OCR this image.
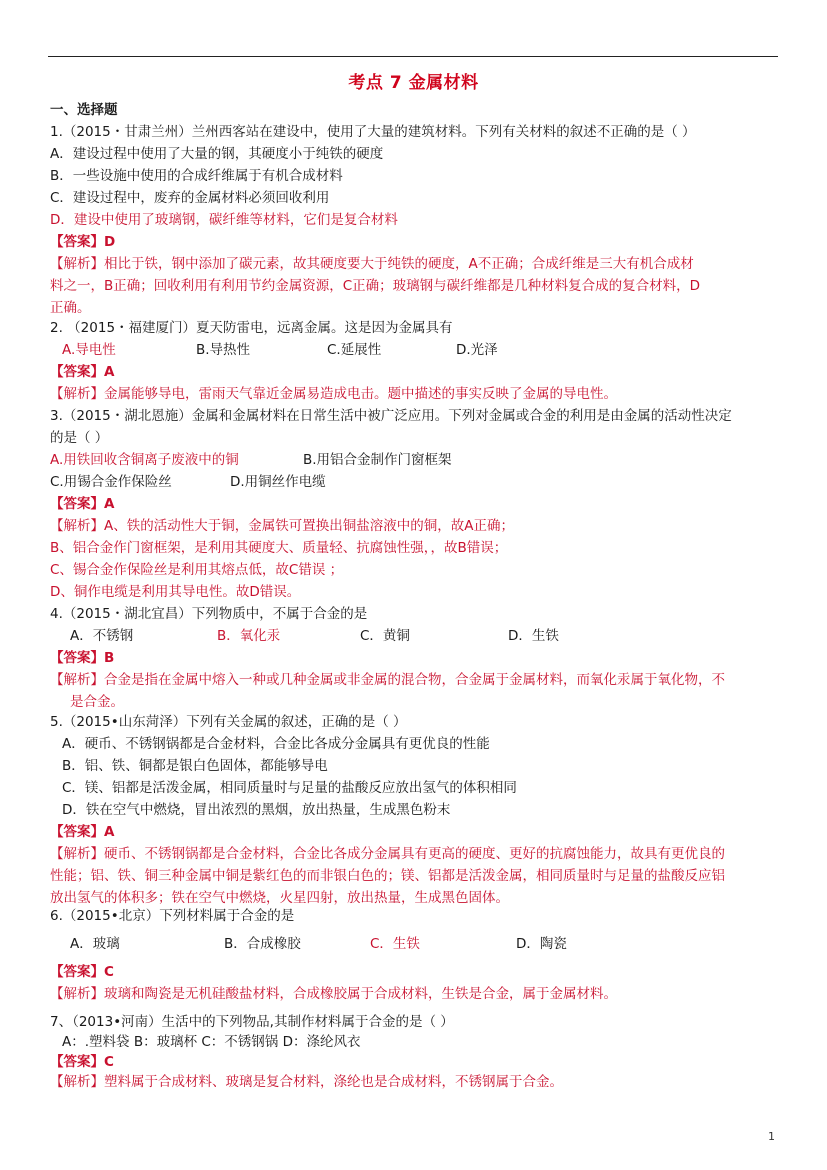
考点 7 金属材料
一、选择题
1.（2015・甘肃兰州）兰州西客站在建设中，使用了大量的建筑材料。下列有关材料的叙述不正确的是（ ）
A．建设过程中使用了大量的钢，其硬度小于纯铁的硬度
B．一些设施中使用的合成纤维属于有机合成材料
C．建设过程中，废弃的金属材料必须回收利用
D．建设中使用了玻璃钢，碳纤维等材料，它们是复合材料
【答案】D
【解析】相比于铁，钢中添加了碳元素，故其硬度要大于纯铁的硬度，A不正确；合成纤维是三大有机合成材
料之一，B正确；回收利用有利用节约金属资源，C正确；玻璃钢与碳纤维都是几种材料复合成的复合材料，D
正确。
2. （2015・福建厦门）夏天防雷电，远离金属。这是因为金属具有
A.导电性	B.导热性	C.延展性	D.光泽
【答案】A
【解析】金属能够导电，雷雨天气靠近金属易造成电击。题中描述的事实反映了金属的导电性。
3.（2015・湖北恩施）金属和金属材料在日常生活中被广泛应用。下列对金属或合金的利用是由金属的活动性决定
的是（ ）
A.用铁回收含铜离子废液中的铜	B.用铝合金制作门窗框架
C.用锡合金作保险丝	D.用铜丝作电缆
【答案】A
【解析】A、铁的活动性大于铜，金属铁可置换出铜盐溶液中的铜，故A正确；
B、铝合金作门窗框架，是利用其硬度大、质量轻、抗腐蚀性强，，故B错误；
C、锡合金作保险丝是利用其熔点低，故C错误 ；
D、铜作电缆是利用其导电性。故D错误。
4.（2015・湖北宜昌）下列物质中，不属于合金的是
A．不锈钢	B．氧化汞	C．黄铜	D．生铁
【答案】B
【解析】合金是指在金属中熔入一种或几种金属或非金属的混合物，合金属于金属材料，而氧化汞属于氧化物，不
是合金。
5.（2015•山东菏泽）下列有关金属的叙述，正确的是（ ）
A．硬币、不锈钢锅都是合金材料，合金比各成分金属具有更优良的性能
B．铝、铁、铜都是银白色固体，都能够导电
C．镁、铝都是活泼金属，相同质量时与足量的盐酸反应放出氢气的体积相同
D．铁在空气中燃烧，冒出浓烈的黑烟，放出热量，生成黑色粉末
【答案】A
【解析】硬币、不锈钢锅都是合金材料，合金比各成分金属具有更高的硬度、更好的抗腐蚀能力，故具有更优良的
性能；铝、铁、铜三种金属中铜是紫红色的而非银白色的；镁、铝都是活泼金属，相同质量时与足量的盐酸反应铝
放出氢气的体积多；铁在空气中燃烧，火星四射，放出热量，生成黑色固体。
6.（2015•北京）下列材料属于合金的是
A．玻璃	B．合成橡胶	C．生铁	D．陶瓷
【答案】C
【解析】玻璃和陶瓷是无机硅酸盐材料，合成橡胶属于合成材料，生铁是合金，属于金属材料。
7、（2013•河南）生活中的下列物品,其制作材料属于合金的是（ ）
A：.塑料袋 B：玻璃杯 C：不锈钢锅 D：涤纶风衣
【答案】C
【解析】塑料属于合成材料、玻璃是复合材料，涤纶也是合成材料，不锈钢属于合金。
1
